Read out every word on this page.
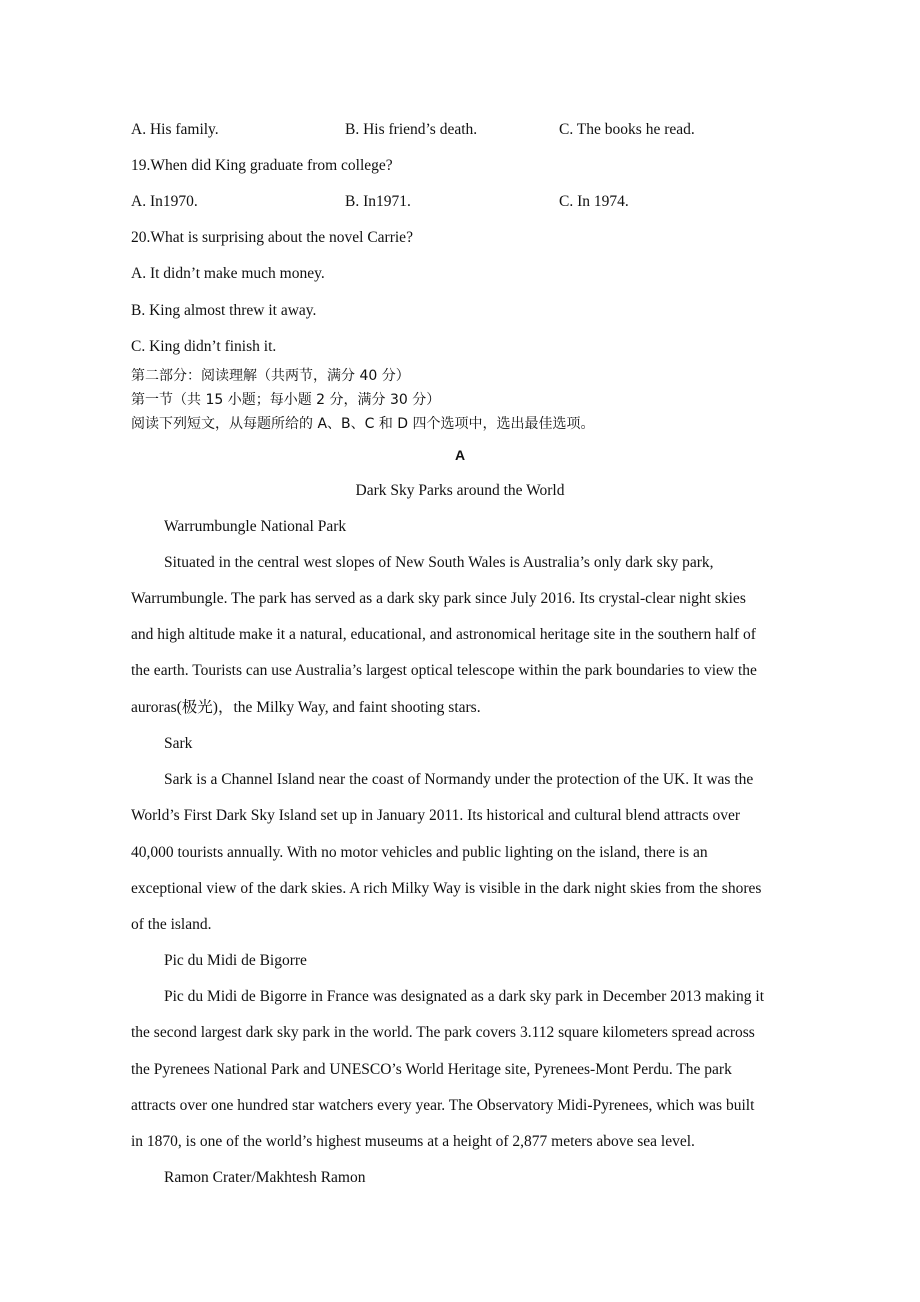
A. His family.	B. His friend’s death.	C. The books he read.
19.When did King graduate from college?
A. In1970.	B. In1971.	C. In 1974.
20.What is surprising about the novel Carrie?
A. It didn’t make much money.
B. King almost threw it away.
C. King didn’t finish it.
第二部分：阅读理解（共两节，满分 40 分）
第一节（共 15 小题；每小题 2 分，满分 30 分）
阅读下列短文，从每题所给的 A、B、C 和 D 四个选项中，选出最佳选项。
A
Dark Sky Parks around the World
Warrumbungle National Park
Situated in the central west slopes of New South Wales is Australia’s only dark sky park,
Warrumbungle. The park has served as a dark sky park since July 2016. Its crystal-clear night skies
and high altitude make it a natural, educational, and astronomical heritage site in the southern half of
the earth. Tourists can use Australia’s largest optical telescope within the park boundaries to view the
auroras(极光)，the Milky Way, and faint shooting stars.
Sark
Sark is a Channel Island near the coast of Normandy under the protection of the UK. It was the
World’s First Dark Sky Island set up in January 2011. Its historical and cultural blend attracts over
40,000 tourists annually. With no motor vehicles and public lighting on the island, there is an
exceptional view of the dark skies. A rich Milky Way is visible in the dark night skies from the shores
of the island.
Pic du Midi de Bigorre
Pic du Midi de Bigorre in France was designated as a dark sky park in December 2013 making it
the second largest dark sky park in the world. The park covers 3.112 square kilometers spread across
the Pyrenees National Park and UNESCO’s World Heritage site, Pyrenees-Mont Perdu. The park
attracts over one hundred star watchers every year. The Observatory Midi-Pyrenees, which was built
in 1870, is one of the world’s highest museums at a height of 2,877 meters above sea level.
Ramon Crater/Makhtesh Ramon
